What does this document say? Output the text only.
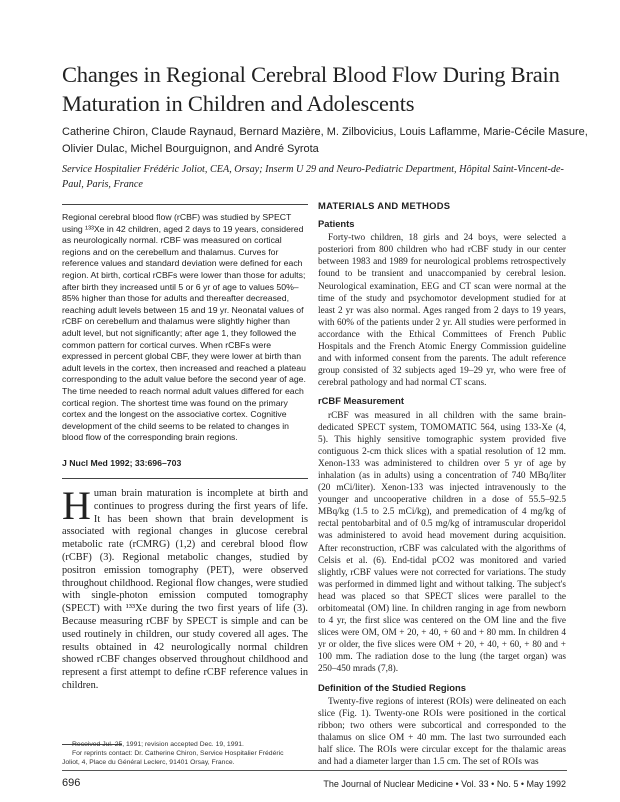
Changes in Regional Cerebral Blood Flow During Brain Maturation in Children and Adolescents
Catherine Chiron, Claude Raynaud, Bernard Mazière, M. Zilbovicius, Louis Laflamme, Marie-Cécile Masure, Olivier Dulac, Michel Bourguignon, and André Syrota
Service Hospitalier Frédéric Joliot, CEA, Orsay; Inserm U 29 and Neuro-Pediatric Department, Hôpital Saint-Vincent-de-Paul, Paris, France
Regional cerebral blood flow (rCBF) was studied by SPECT using ¹³³Xe in 42 children, aged 2 days to 19 years, considered as neurologically normal. rCBF was measured on cortical regions and on the cerebellum and thalamus. Curves for reference values and standard deviation were defined for each region. At birth, cortical rCBFs were lower than those for adults; after birth they increased until 5 or 6 yr of age to values 50%–85% higher than those for adults and thereafter decreased, reaching adult levels between 15 and 19 yr. Neonatal values of rCBF on cerebellum and thalamus were slightly higher than adult level, but not significantly; after age 1, they followed the common pattern for cortical curves. When rCBFs were expressed in percent global CBF, they were lower at birth than adult levels in the cortex, then increased and reached a plateau corresponding to the adult value before the second year of age. The time needed to reach normal adult values differed for each cortical region. The shortest time was found on the primary cortex and the longest on the associative cortex. Cognitive development of the child seems to be related to changes in blood flow of the corresponding brain regions.
J Nucl Med 1992; 33:696–703
Human brain maturation is incomplete at birth and continues to progress during the first years of life. It has been shown that brain development is associated with regional changes in glucose cerebral metabolic rate (rCMRG) (1,2) and cerebral blood flow (rCBF) (3). Regional metabolic changes, studied by positron emission tomography (PET), were observed throughout childhood. Regional flow changes, were studied with single-photon emission computed tomography (SPECT) with ¹³³Xe during the two first years of life (3). Because measuring rCBF by SPECT is simple and can be used routinely in children, our study covered all ages. The results obtained in 42 neurologically normal children showed rCBF changes observed throughout childhood and represent a first attempt to define rCBF reference values in children.
Received Jul. 25, 1991; revision accepted Dec. 19, 1991.
For reprints contact: Dr. Catherine Chiron, Service Hospitalier Frédéric Joliot, 4, Place du Général Leclerc, 91401 Orsay, France.
MATERIALS AND METHODS
Patients

Forty-two children, 18 girls and 24 boys, were selected a posteriori from 800 children who had rCBF study in our center between 1983 and 1989 for neurological problems retrospectively found to be transient and unaccompanied by cerebral lesion. Neurological examination, EEG and CT scan were normal at the time of the study and psychomotor development studied for at least 2 yr was also normal. Ages ranged from 2 days to 19 years, with 60% of the patients under 2 yr. All studies were performed in accordance with the Ethical Committees of French Public Hospitals and the French Atomic Energy Commission guideline and with informed consent from the parents. The adult reference group consisted of 32 subjects aged 19–29 yr, who were free of cerebral pathology and had normal CT scans.

rCBF Measurement

rCBF was measured in all children with the same brain-dedicated SPECT system, TOMOMATIC 564, using 133-Xe (4, 5). This highly sensitive tomographic system provided five contiguous 2-cm thick slices with a spatial resolution of 12 mm. Xenon-133 was administered to children over 5 yr of age by inhalation (as in adults) using a concentration of 740 MBq/liter (20 mCi/liter). Xenon-133 was injected intravenously to the younger and uncooperative children in a dose of 55.5–92.5 MBq/kg (1.5 to 2.5 mCi/kg), and premedication of 4 mg/kg of rectal pentobarbital and of 0.5 mg/kg of intramuscular droperidol was administered to avoid head movement during acquisition. After reconstruction, rCBF was calculated with the algorithms of Celsis et al. (6). End-tidal pCO2 was monitored and varied slightly, rCBF values were not corrected for variations. The study was performed in dimmed light and without talking. The subject's head was placed so that SPECT slices were parallel to the orbitomeatal (OM) line. In children ranging in age from newborn to 4 yr, the first slice was centered on the OM line and the five slices were OM, OM + 20, + 40, + 60 and + 80 mm. In children 4 yr or older, the five slices were OM + 20, + 40, + 60, + 80 and + 100 mm. The radiation dose to the lung (the target organ) was 250–450 mrads (7,8).

Definition of the Studied Regions

Twenty-five regions of interest (ROIs) were delineated on each slice (Fig. 1). Twenty-one ROIs were positioned in the cortical ribbon; two others were subcortical and corresponded to the thalamus on slice OM + 40 mm. The last two surrounded each half slice. The ROIs were circular except for the thalamic areas and had a diameter larger than 1.5 cm. The set of ROIs was

696	The Journal of Nuclear Medicine • Vol. 33 • No. 5 • May 1992
